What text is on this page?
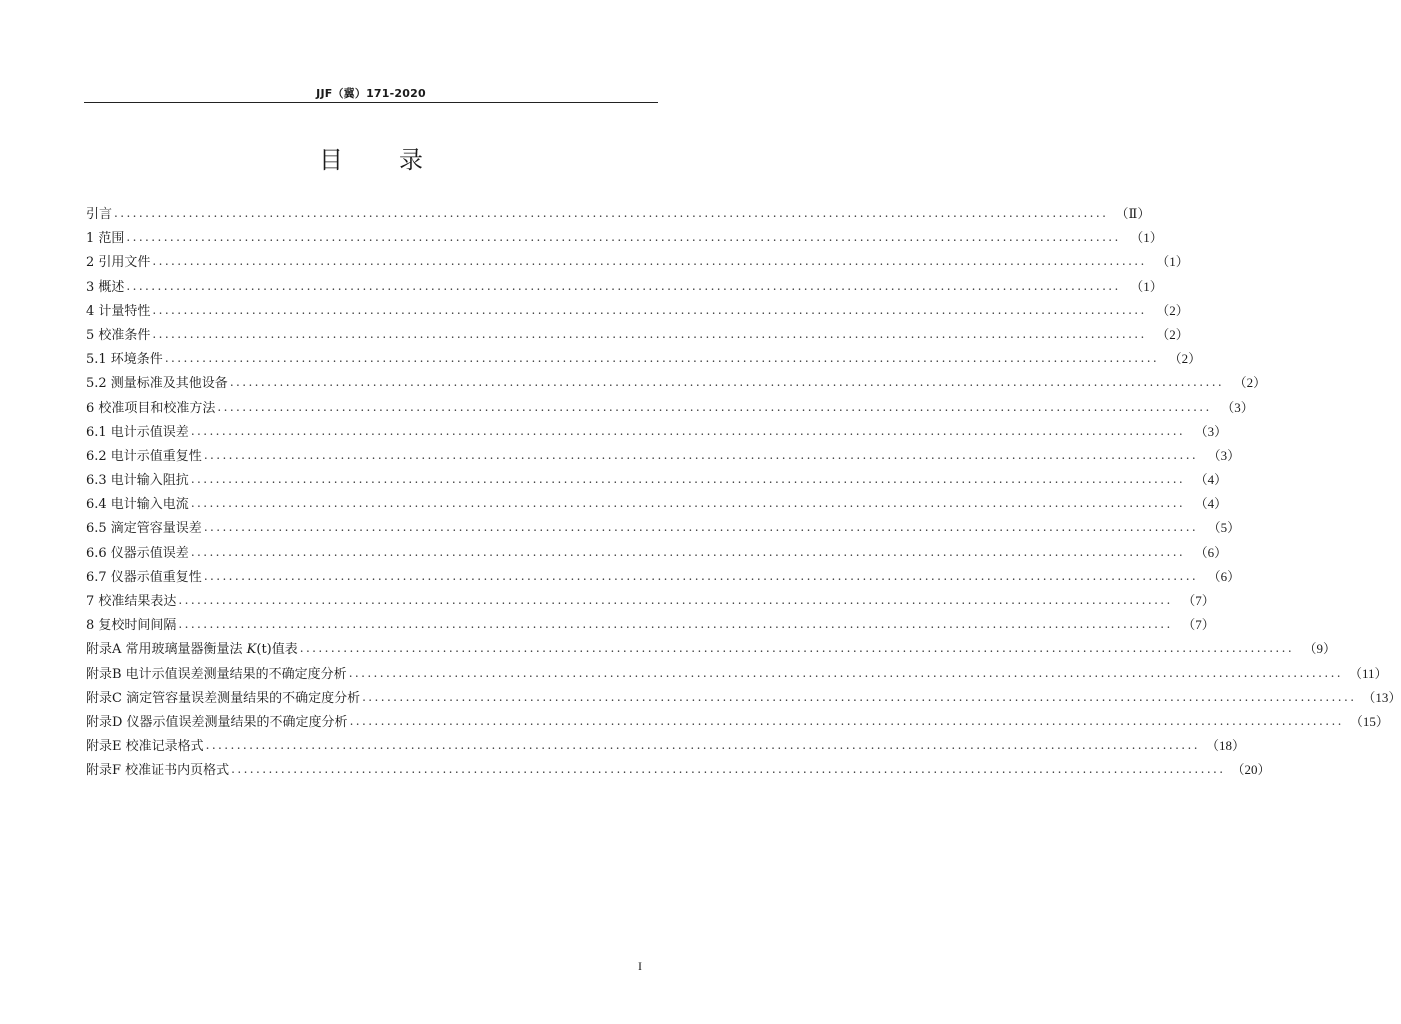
JJF（冀）171-2020
目 录
引言 ................................................................................................................................................................ （Ⅱ）
1 范围 ................................................................................................................................................................ （1）
2 引用文件 ................................................................................................................................................................ （1）
3 概述 ................................................................................................................................................................ （1）
4 计量特性 ................................................................................................................................................................ （2）
5 校准条件 ................................................................................................................................................................ （2）
5.1 环境条件 ................................................................................................................................................................ （2）
5.2 测量标准及其他设备 ................................................................................................................................................................ （2）
6 校准项目和校准方法 ................................................................................................................................................................ （3）
6.1 电计示值误差 ................................................................................................................................................................ （3）
6.2 电计示值重复性 ................................................................................................................................................................ （3）
6.3 电计输入阻抗 ................................................................................................................................................................ （4）
6.4 电计输入电流 ................................................................................................................................................................ （4）
6.5 滴定管容量误差 ................................................................................................................................................................ （5）
6.6 仪器示值误差 ................................................................................................................................................................ （6）
6.7 仪器示值重复性 ................................................................................................................................................................ （6）
7 校准结果表达 ................................................................................................................................................................ （7）
8 复校时间间隔 ................................................................................................................................................................ （7）
附录A 常用玻璃量器衡量法 K(t)值表 ................................................................................................................................................................ （9）
附录B 电计示值误差测量结果的不确定度分析 ................................................................................................................................................................ （11）
附录C 滴定管容量误差测量结果的不确定度分析 ................................................................................................................................................................ （13）
附录D 仪器示值误差测量结果的不确定度分析 ................................................................................................................................................................ （15）
附录E 校准记录格式 ................................................................................................................................................................ （18）
附录F 校准证书内页格式 ................................................................................................................................................................ （20）
I
